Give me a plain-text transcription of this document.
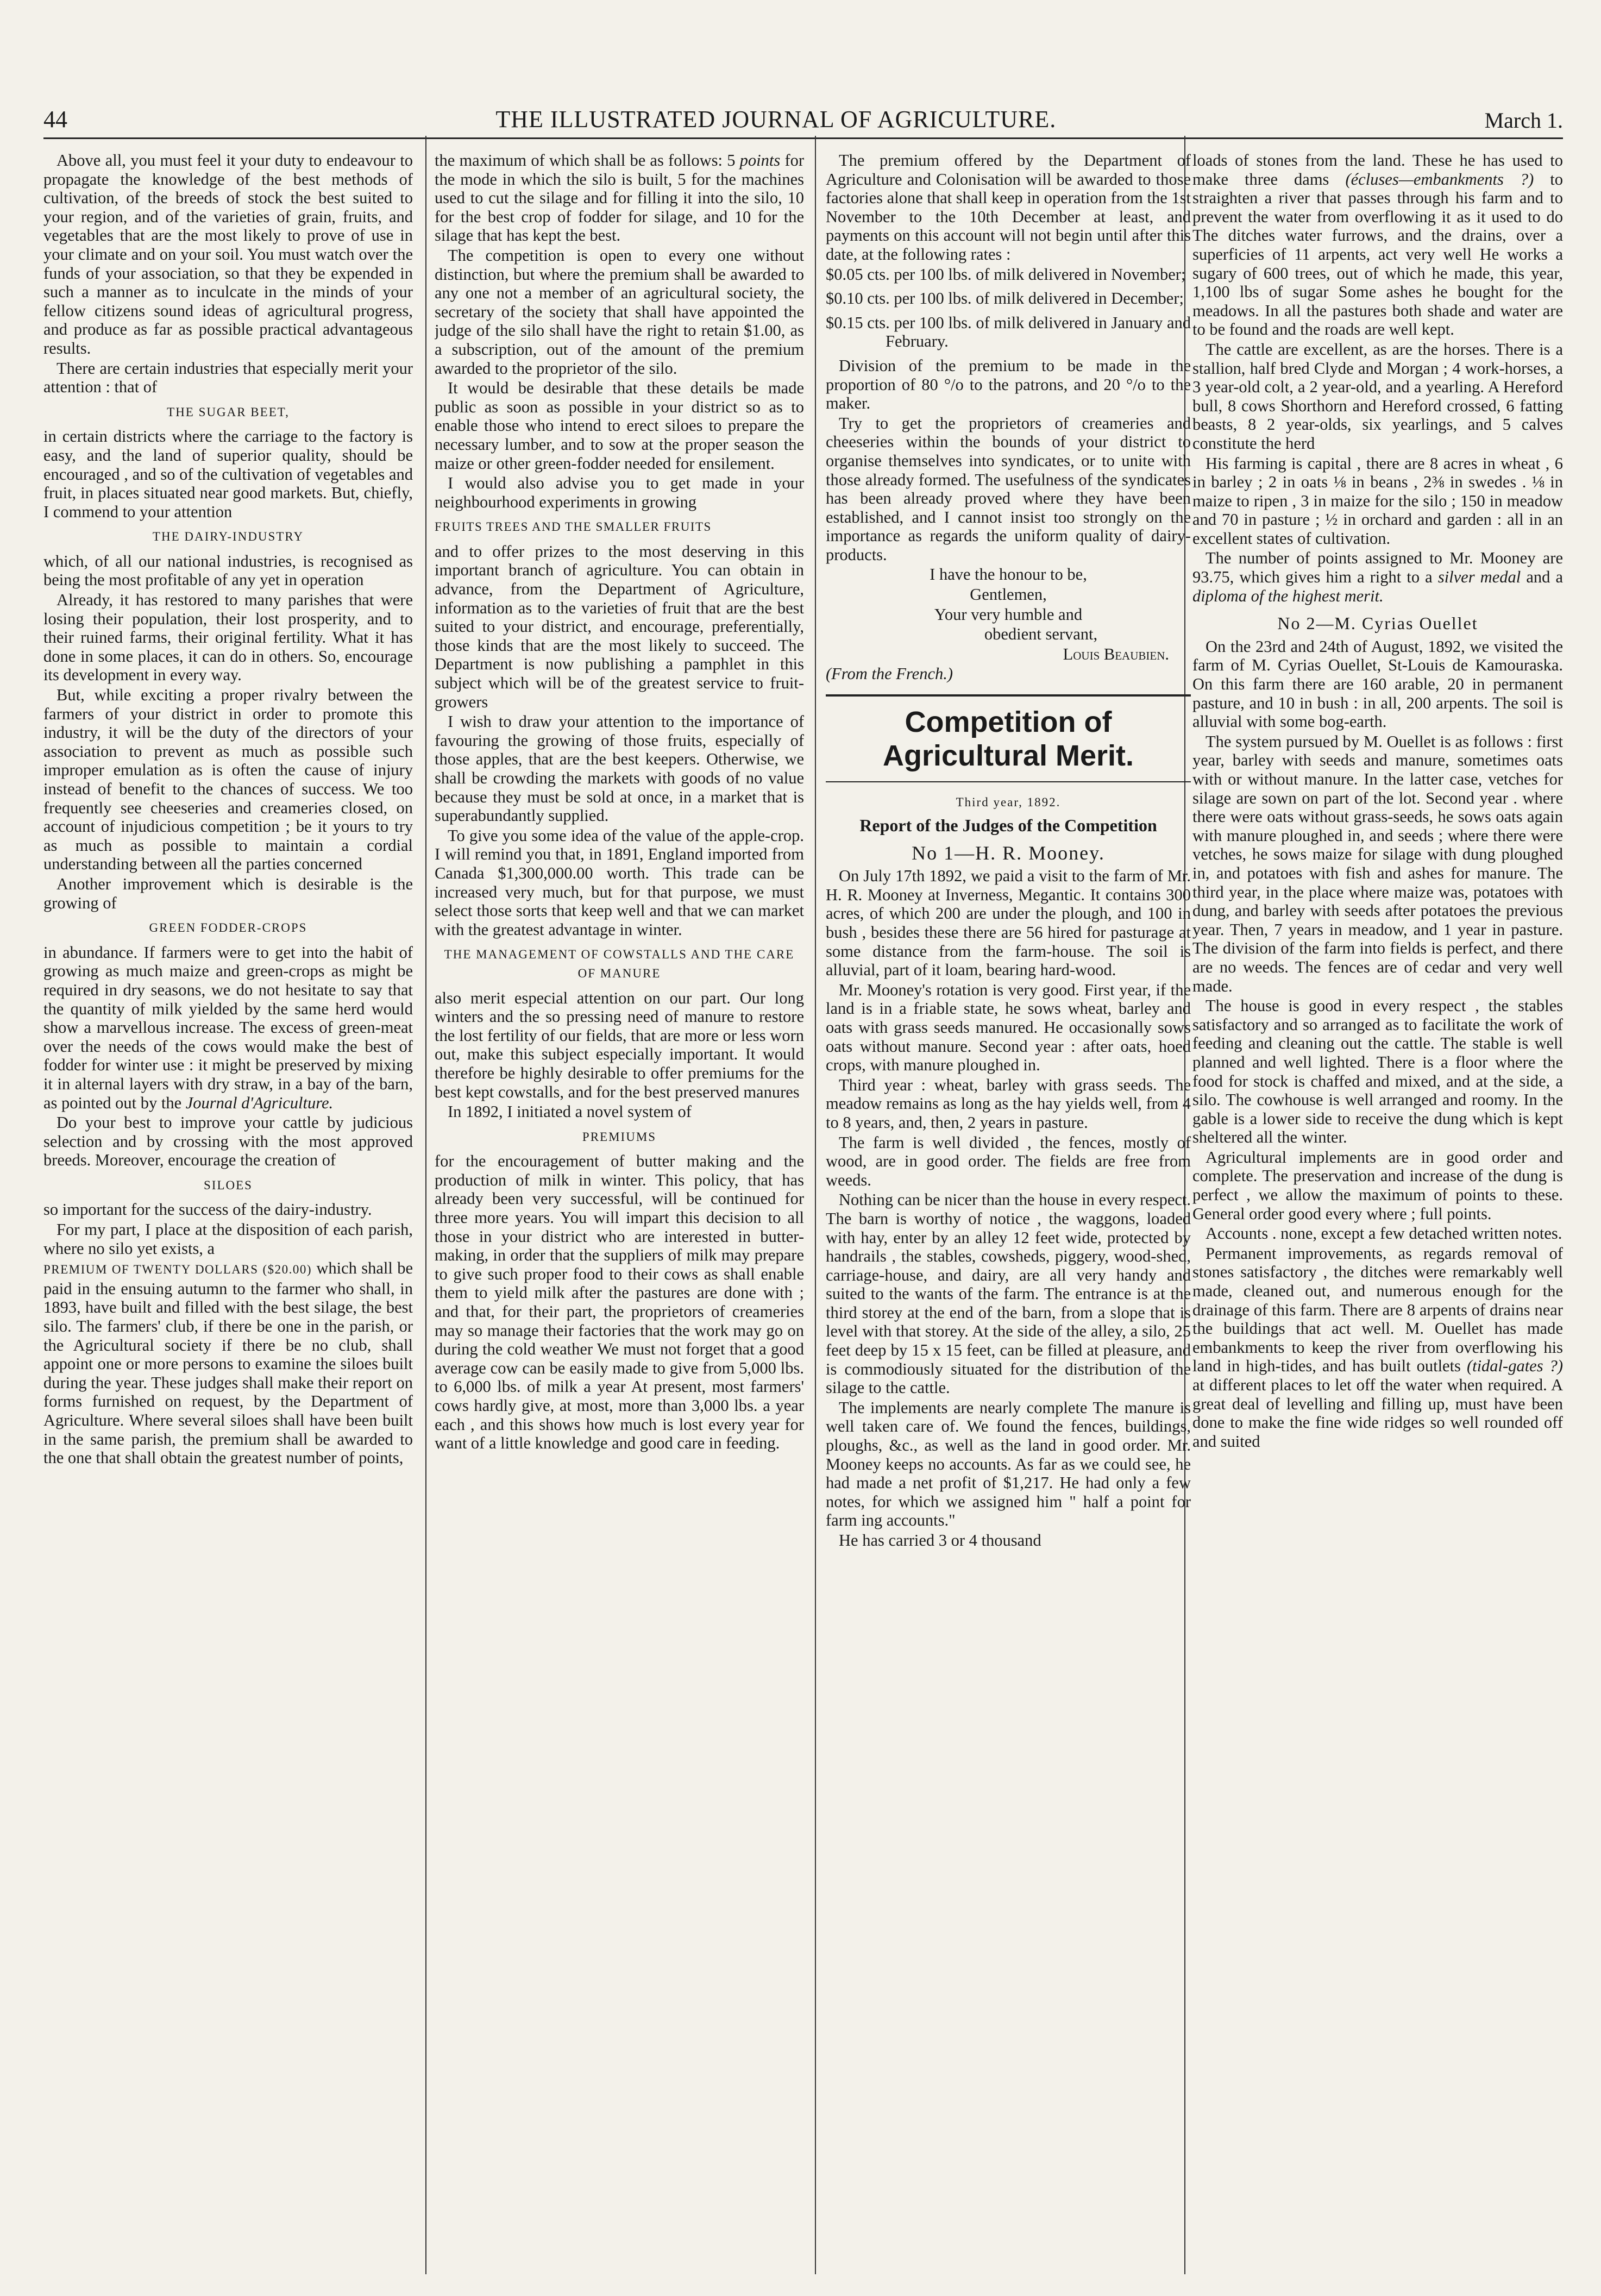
44	THE ILLUSTRATED JOURNAL OF AGRICULTURE.	March 1.

Above all, you must feel it your duty to endeavour to propagate the knowledge of the best methods of cultivation, of the breeds of stock the best suited to your region, and of the varieties of grain, fruits, and vegetables that are the most likely to prove of use in your climate and on your soil. You must watch over the funds of your association, so that they be expended in such a manner as to inculcate in the minds of your fellow citizens sound ideas of agricultural progress, and produce as far as possible practical advantageous results.

There are certain industries that especially merit your attention : that of

THE SUGAR BEET,

in certain districts where the carriage to the factory is easy, and the land of superior quality, should be encouraged , and so of the cultivation of vegetables and fruit, in places situated near good markets. But, chiefly, I commend to your attention

THE DAIRY-INDUSTRY

which, of all our national industries, is recognised as being the most profitable of any yet in operation

Already, it has restored to many parishes that were losing their population, their lost prosperity, and to their ruined farms, their original fertility. What it has done in some places, it can do in others. So, encourage its development in every way.

But, while exciting a proper rivalry between the farmers of your district in order to promote this industry, it will be the duty of the directors of your association to prevent as much as possible such improper emulation as is often the cause of injury instead of benefit to the chances of success. We too frequently see cheeseries and creameries closed, on account of injudicious competition ; be it yours to try as much as possible to maintain a cordial understanding between all the parties concerned

Another improvement which is desirable is the growing of

GREEN FODDER-CROPS

in abundance. If farmers were to get into the habit of growing as much maize and green-crops as might be required in dry seasons, we do not hesitate to say that the quantity of milk yielded by the same herd would show a marvellous increase. The excess of green-meat over the needs of the cows would make the best of fodder for winter use : it might be preserved by mixing it in alternal layers with dry straw, in a bay of the barn, as pointed out by the Journal d'Agriculture.

Do your best to improve your cattle by judicious selection and by crossing with the most approved breeds. Moreover, encourage the creation of

SILOES

so important for the success of the dairy-industry.

For my part, I place at the disposition of each parish, where no silo yet exists, a

PREMIUM OF TWENTY DOLLARS ($20.00) which shall be paid in the ensuing autumn to the farmer who shall, in 1893, have built and filled with the best silage, the best silo. The farmers' club, if there be one in the parish, or the Agricultural society if there be no club, shall appoint one or more persons to examine the siloes built during the year. These judges shall make their report on forms furnished on request, by the Department of Agriculture. Where several siloes shall have been built in the same parish, the premium shall be awarded to the one that shall obtain the greatest number of points,

the maximum of which shall be as follows: 5 points for the mode in which the silo is built, 5 for the machines used to cut the silage and for filling it into the silo, 10 for the best crop of fodder for silage, and 10 for the silage that has kept the best.

The competition is open to every one without distinction, but where the premium shall be awarded to any one not a member of an agricultural society, the secretary of the society that shall have appointed the judge of the silo shall have the right to retain $1.00, as a subscription, out of the amount of the premium awarded to the proprietor of the silo.

It would be desirable that these details be made public as soon as possible in your district so as to enable those who intend to erect siloes to prepare the necessary lumber, and to sow at the proper season the maize or other green-fodder needed for ensilement.

I would also advise you to get made in your neighbourhood experiments in growing

FRUITS TREES AND THE SMALLER FRUITS

and to offer prizes to the most deserving in this important branch of agriculture. You can obtain in advance, from the Department of Agriculture, information as to the varieties of fruit that are the best suited to your district, and encourage, preferentially, those kinds that are the most likely to succeed. The Department is now publishing a pamphlet in this subject which will be of the greatest service to fruit-growers

I wish to draw your attention to the importance of favouring the growing of those fruits, especially of those apples, that are the best keepers. Otherwise, we shall be crowding the markets with goods of no value because they must be sold at once, in a market that is superabundantly supplied.

To give you some idea of the value of the apple-crop. I will remind you that, in 1891, England imported from Canada $1,300,000.00 worth. This trade can be increased very much, but for that purpose, we must select those sorts that keep well and that we can market with the greatest advantage in winter.

THE MANAGEMENT OF COWSTALLS AND THE CARE OF MANURE

also merit especial attention on our part. Our long winters and the so pressing need of manure to restore the lost fertility of our fields, that are more or less worn out, make this subject especially important. It would therefore be highly desirable to offer premiums for the best kept cowstalls, and for the best preserved manures

In 1892, I initiated a novel system of

PREMIUMS

for the encouragement of butter making and the production of milk in winter. This policy, that has already been very successful, will be continued for three more years. You will impart this decision to all those in your district who are interested in butter-making, in order that the suppliers of milk may prepare to give such proper food to their cows as shall enable them to yield milk after the pastures are done with ; and that, for their part, the proprietors of creameries may so manage their factories that the work may go on during the cold weather We must not forget that a good average cow can be easily made to give from 5,000 lbs. to 6,000 lbs. of milk a year At present, most farmers' cows hardly give, at most, more than 3,000 lbs. a year each , and this shows how much is lost every year for want of a little knowledge and good care in feeding.

The premium offered by the Department of Agriculture and Colonisation will be awarded to those factories alone that shall keep in operation from the 1st November to the 10th December at least, and payments on this account will not begin until after this date, at the following rates :

$0.05 cts. per 100 lbs. of milk delivered in November;

$0.10 cts. per 100 lbs. of milk delivered in December;

$0.15 cts. per 100 lbs. of milk delivered in January and February.

Division of the premium to be made in the proportion of 80 °/o to the patrons, and 20 °/o to the maker.

Try to get the proprietors of creameries and cheeseries within the bounds of your district to organise themselves into syndicates, or to unite with those already formed. The usefulness of the syndicates has been already proved where they have been established, and I cannot insist too strongly on the importance as regards the uniform quality of dairy-products.

I have the honour to be,

Gentlemen,

Your very humble and

obedient servant,

Louis Beaubien.

(From the French.)

Competition of Agricultural Merit.
Third year, 1892.
Report of the Judges of the Competition
No 1—H. R. Mooney.

On July 17th 1892, we paid a visit to the farm of Mr. H. R. Mooney at Inverness, Megantic. It contains 300 acres, of which 200 are under the plough, and 100 in bush , besides these there are 56 hired for pasturage at some distance from the farm-house. The soil is alluvial, part of it loam, bearing hard-wood.

Mr. Mooney's rotation is very good. First year, if the land is in a friable state, he sows wheat, barley and oats with grass seeds manured. He occasionally sows oats without manure. Second year : after oats, hoed crops, with manure ploughed in.

Third year : wheat, barley with grass seeds. The meadow remains as long as the hay yields well, from 4 to 8 years, and, then, 2 years in pasture.

The farm is well divided , the fences, mostly of wood, are in good order. The fields are free from weeds.

Nothing can be nicer than the house in every respect. The barn is worthy of notice , the waggons, loaded with hay, enter by an alley 12 feet wide, protected by handrails , the stables, cowsheds, piggery, wood-shed, carriage-house, and dairy, are all very handy and suited to the wants of the farm. The entrance is at the third storey at the end of the barn, from a slope that is level with that storey. At the side of the alley, a silo, 25 feet deep by 15 x 15 feet, can be filled at pleasure, and is commodiously situated for the distribution of the silage to the cattle.

The implements are nearly complete The manure is well taken care of. We found the fences, buildings, ploughs, &c., as well as the land in good order. Mr. Mooney keeps no accounts. As far as we could see, he had made a net profit of $1,217. He had only a few notes, for which we assigned him " half a point for farm ing accounts."

He has carried 3 or 4 thousand

loads of stones from the land. These he has used to make three dams (écluses—embankments ?) to straighten a river that passes through his farm and to prevent the water from overflowing it as it used to do The ditches water furrows, and the drains, over a superficies of 11 arpents, act very well He works a sugary of 600 trees, out of which he made, this year, 1,100 lbs of sugar Some ashes he bought for the meadows. In all the pastures both shade and water are to be found and the roads are well kept.

The cattle are excellent, as are the horses. There is a stallion, half bred Clyde and Morgan ; 4 work-horses, a 3 year-old colt, a 2 year-old, and a yearling. A Hereford bull, 8 cows Shorthorn and Hereford crossed, 6 fatting beasts, 8 2 year-olds, six yearlings, and 5 calves constitute the herd

His farming is capital , there are 8 acres in wheat , 6 in barley ; 2 in oats ⅛ in beans , 2⅜ in swedes . ⅛ in maize to ripen , 3 in maize for the silo ; 150 in meadow and 70 in pasture ; ½ in orchard and garden : all in an excellent states of cultivation.

The number of points assigned to Mr. Mooney are 93.75, which gives him a right to a silver medal and a diploma of the highest merit.

No 2—M. Cyrias Ouellet

On the 23rd and 24th of August, 1892, we visited the farm of M. Cyrias Ouellet, St-Louis de Kamouraska. On this farm there are 160 arable, 20 in permanent pasture, and 10 in bush : in all, 200 arpents. The soil is alluvial with some bog-earth.

The system pursued by M. Ouellet is as follows : first year, barley with seeds and manure, sometimes oats with or without manure. In the latter case, vetches for silage are sown on part of the lot. Second year . where there were oats without grass-seeds, he sows oats again with manure ploughed in, and seeds ; where there were vetches, he sows maize for silage with dung ploughed in, and potatoes with fish and ashes for manure. The third year, in the place where maize was, potatoes with dung, and barley with seeds after potatoes the previous year. Then, 7 years in meadow, and 1 year in pasture. The division of the farm into fields is perfect, and there are no weeds. The fences are of cedar and very well made.

The house is good in every respect , the stables satisfactory and so arranged as to facilitate the work of feeding and cleaning out the cattle. The stable is well planned and well lighted. There is a floor where the food for stock is chaffed and mixed, and at the side, a silo. The cowhouse is well arranged and roomy. In the gable is a lower side to receive the dung which is kept sheltered all the winter.

Agricultural implements are in good order and complete. The preservation and increase of the dung is perfect , we allow the maximum of points to these. General order good every where ; full points.

Accounts . none, except a few detached written notes.

Permanent improvements, as regards removal of stones satisfactory , the ditches were remarkably well made, cleaned out, and numerous enough for the drainage of this farm. There are 8 arpents of drains near the buildings that act well. M. Ouellet has made embankments to keep the river from overflowing his land in high-tides, and has built outlets (tidal-gates ?) at different places to let off the water when required. A great deal of levelling and filling up, must have been done to make the fine wide ridges so well rounded off and suited
